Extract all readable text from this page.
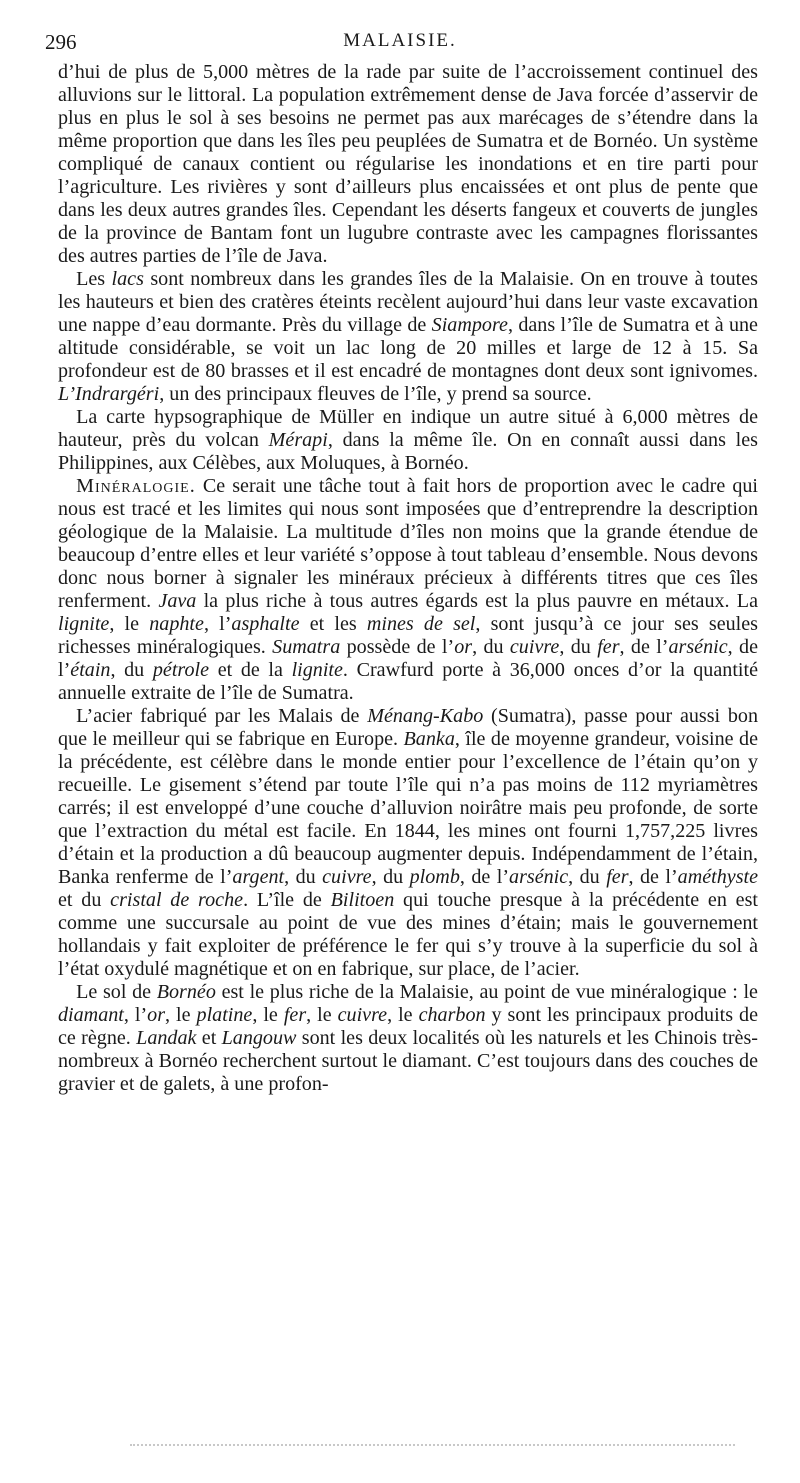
296	MALAISIE.

d’hui de plus de 5,000 mètres de la rade par suite de l’accroissement continuel des alluvions sur le littoral. La population extrêmement dense de Java forcée d’asservir de plus en plus le sol à ses besoins ne permet pas aux marécages de s’étendre dans la même proportion que dans les îles peu peuplées de Sumatra et de Bornéo. Un système compliqué de canaux contient ou régularise les inondations et en tire parti pour l’agriculture. Les rivières y sont d’ailleurs plus encaissées et ont plus de pente que dans les deux autres grandes îles. Cependant les déserts fangeux et couverts de jungles de la province de Bantam font un lugubre contraste avec les campagnes florissantes des autres parties de l’île de Java.

Les lacs sont nombreux dans les grandes îles de la Malaisie. On en trouve à toutes les hauteurs et bien des cratères éteints recèlent aujourd’hui dans leur vaste excavation une nappe d’eau dormante. Près du village de Siampore, dans l’île de Sumatra et à une altitude considérable, se voit un lac long de 20 milles et large de 12 à 15. Sa profondeur est de 80 brasses et il est encadré de montagnes dont deux sont ignivomes. L’Indrargéri, un des principaux fleuves de l’île, y prend sa source.

La carte hypsographique de Müller en indique un autre situé à 6,000 mètres de hauteur, près du volcan Mérapi, dans la même île. On en connaît aussi dans les Philippines, aux Célèbes, aux Moluques, à Bornéo.

Minéralogie. Ce serait une tâche tout à fait hors de proportion avec le cadre qui nous est tracé et les limites qui nous sont imposées que d’entreprendre la description géologique de la Malaisie. La multitude d’îles non moins que la grande étendue de beaucoup d’entre elles et leur variété s’oppose à tout tableau d’ensemble. Nous devons donc nous borner à signaler les minéraux précieux à différents titres que ces îles renferment. Java la plus riche à tous autres égards est la plus pauvre en métaux. La lignite, le naphte, l’asphalte et les mines de sel, sont jusqu’à ce jour ses seules richesses minéralogiques. Sumatra possède de l’or, du cuivre, du fer, de l’arsénic, de l’étain, du pétrole et de la lignite. Crawfurd porte à 36,000 onces d’or la quantité annuelle extraite de l’île de Sumatra.

L’acier fabriqué par les Malais de Ménang-Kabo (Sumatra), passe pour aussi bon que le meilleur qui se fabrique en Europe. Banka, île de moyenne grandeur, voisine de la précédente, est célèbre dans le monde entier pour l’excellence de l’étain qu’on y recueille. Le gisement s’étend par toute l’île qui n’a pas moins de 112 myriamètres carrés; il est enveloppé d’une couche d’alluvion noirâtre mais peu profonde, de sorte que l’extraction du métal est facile. En 1844, les mines ont fourni 1,757,225 livres d’étain et la production a dû beaucoup augmenter depuis. Indépendamment de l’étain, Banka renferme de l’argent, du cuivre, du plomb, de l’arsénic, du fer, de l’améthyste et du cristal de roche. L’île de Bilitoen qui touche presque à la précédente en est comme une succursale au point de vue des mines d’étain; mais le gouvernement hollandais y fait exploiter de préférence le fer qui s’y trouve à la superficie du sol à l’état oxydulé magnétique et on en fabrique, sur place, de l’acier.

Le sol de Bornéo est le plus riche de la Malaisie, au point de vue minéralogique : le diamant, l’or, le platine, le fer, le cuivre, le charbon y sont les principaux produits de ce règne. Landak et Langouw sont les deux localités où les naturels et les Chinois très-nombreux à Bornéo recherchent surtout le diamant. C’est toujours dans des couches de gravier et de galets, à une profon-
